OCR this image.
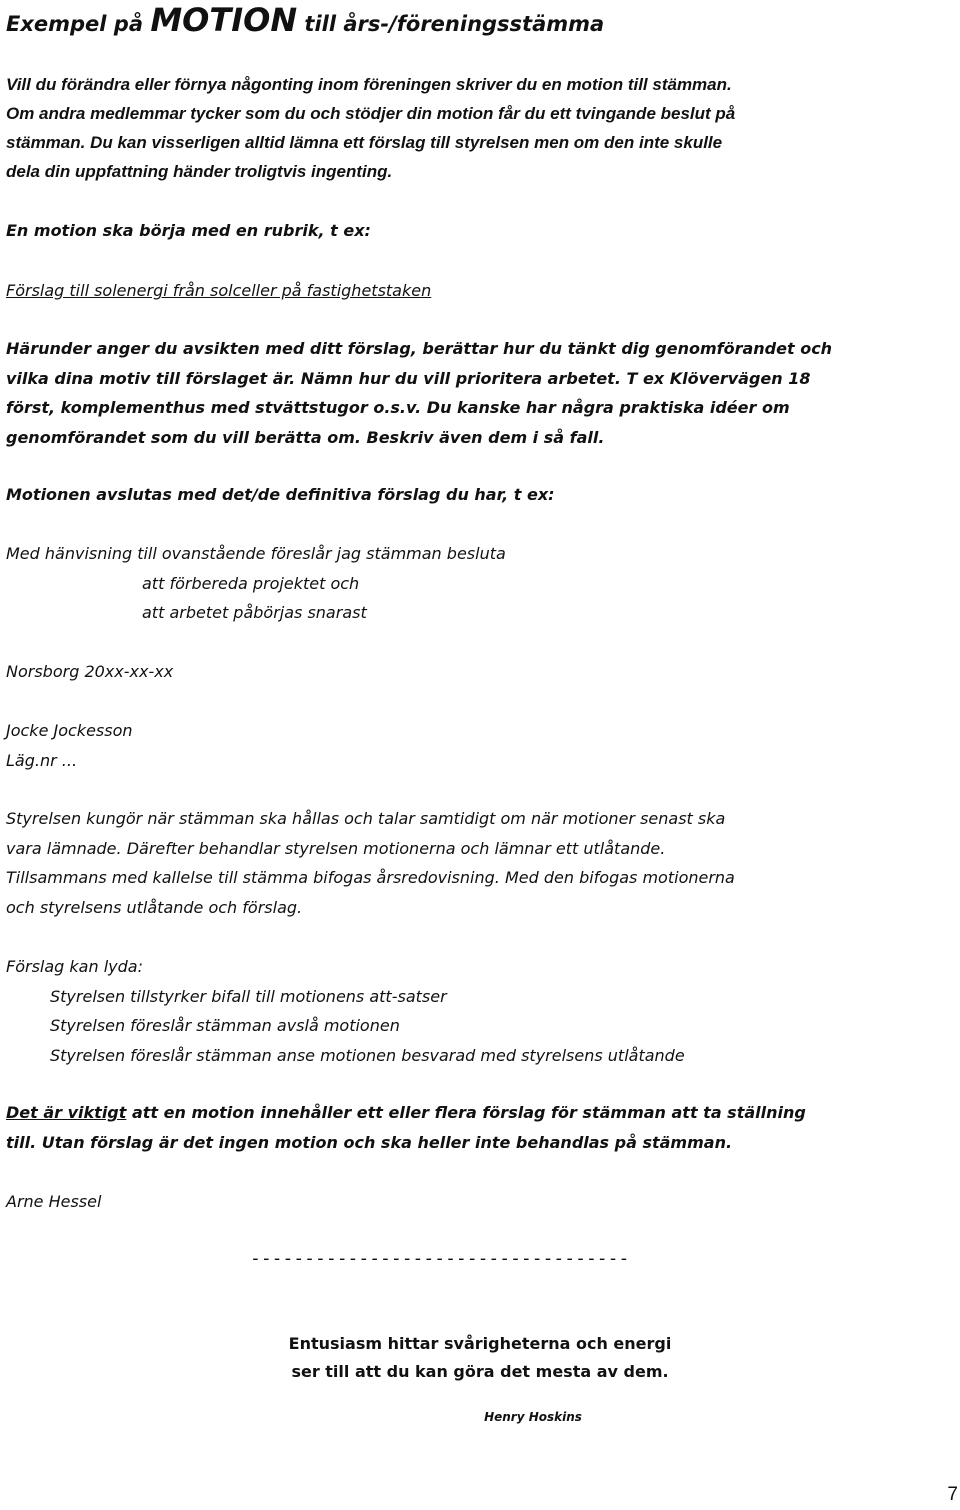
Exempel på MOTION till års-/föreningsstämma

Vill du förändra eller förnya någonting inom föreningen skriver du en motion till stämman.

Om andra medlemmar tycker som du och stödjer din motion får du ett tvingande beslut på

stämman. Du kan visserligen alltid lämna ett förslag till styrelsen men om den inte skulle

dela din uppfattning händer troligtvis ingenting.

En motion ska börja med en rubrik, t ex:
Förslag till solenergi från solceller på fastighetstaken

Härunder anger du avsikten med ditt förslag, berättar hur du tänkt dig genomförandet och

vilka dina motiv till förslaget är. Nämn hur du vill prioritera arbetet. T ex Klövervägen 18

först, komplementhus med stvättstugor o.s.v. Du kanske har några praktiska idéer om

genomförandet som du vill berätta om. Beskriv även dem i så fall.

Motionen avslutas med det/de definitiva förslag du har, t ex:

Med hänvisning till ovanstående föreslår jag stämman besluta

att förbereda projektet och

att arbetet påbörjas snarast

Norsborg 20xx-xx-xx

Jocke Jockesson

Läg.nr ...

Styrelsen kungör när stämman ska hållas och talar samtidigt om när motioner senast ska

vara lämnade. Därefter behandlar styrelsen motionerna och lämnar ett utlåtande.

Tillsammans med kallelse till stämma bifogas årsredovisning. Med den bifogas motionerna

och styrelsens utlåtande och förslag.

Förslag kan lyda:

Styrelsen tillstyrker bifall till motionens att-satser

Styrelsen föreslår stämman avslå motionen

Styrelsen föreslår stämman anse motionen besvarad med styrelsens utlåtande

Det är viktigt att en motion innehåller ett eller flera förslag för stämman att ta ställning

till. Utan förslag är det ingen motion och ska heller inte behandlas på stämman.

Arne Hessel
-----------------------------------

Entusiasm hittar svårigheterna och energi

ser till att du kan göra det mesta av dem.

Henry Hoskins
7
